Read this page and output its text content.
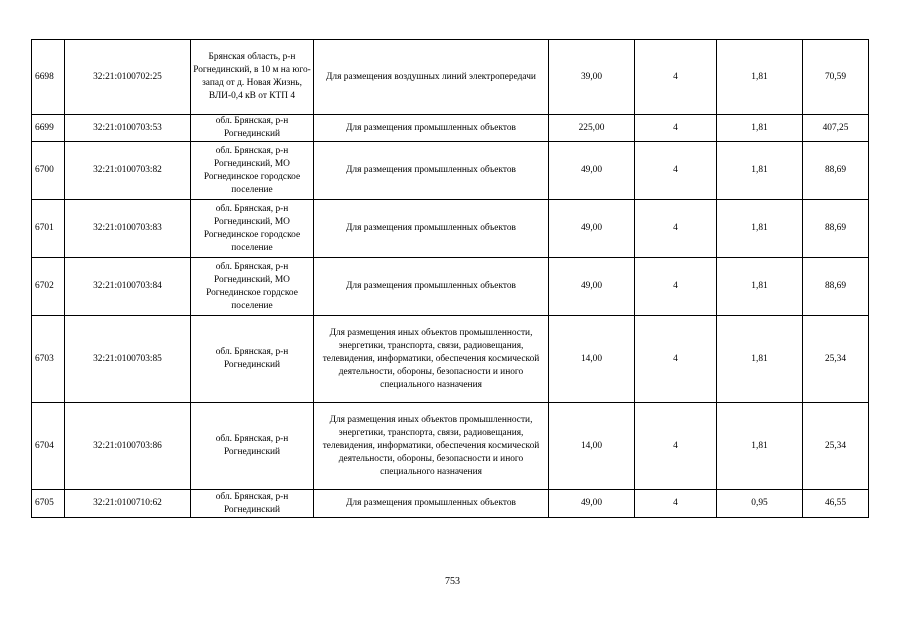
6698	32:21:0100702:25	Брянская область, р-н Рогнединский, в 10 м на юго-запад от д. Новая Жизнь, ВЛИ-0,4 кВ от КТП 4	Для размещения воздушных линий электропередачи	39,00	4	1,81	70,59
6699	32:21:0100703:53	обл. Брянская, р-н Рогнединский	Для размещения промышленных объектов	225,00	4	1,81	407,25
6700	32:21:0100703:82	обл. Брянская, р-н Рогнединский, МО Рогнединское городское поселение	Для размещения промышленных объектов	49,00	4	1,81	88,69
6701	32:21:0100703:83	обл. Брянская, р-н Рогнединский, МО Рогнединское городское поселение	Для размещения промышленных объектов	49,00	4	1,81	88,69
6702	32:21:0100703:84	обл. Брянская, р-н Рогнединский, МО Рогнединское гордское поселение	Для размещения промышленных объектов	49,00	4	1,81	88,69
6703	32:21:0100703:85	обл. Брянская, р-н Рогнединский	Для размещения иных объектов промышленности, энергетики, транспорта, связи, радиовещания, телевидения, информатики, обеспечения космической деятельности, обороны, безопасности и иного специального назначения	14,00	4	1,81	25,34
6704	32:21:0100703:86	обл. Брянская, р-н Рогнединский	Для размещения иных объектов промышленности, энергетики, транспорта, связи, радиовещания, телевидения, информатики, обеспечения космической деятельности, обороны, безопасности и иного специального назначения	14,00	4	1,81	25,34
6705	32:21:0100710:62	обл. Брянская, р-н Рогнединский	Для размещения промышленных объектов	49,00	4	0,95	46,55
753
